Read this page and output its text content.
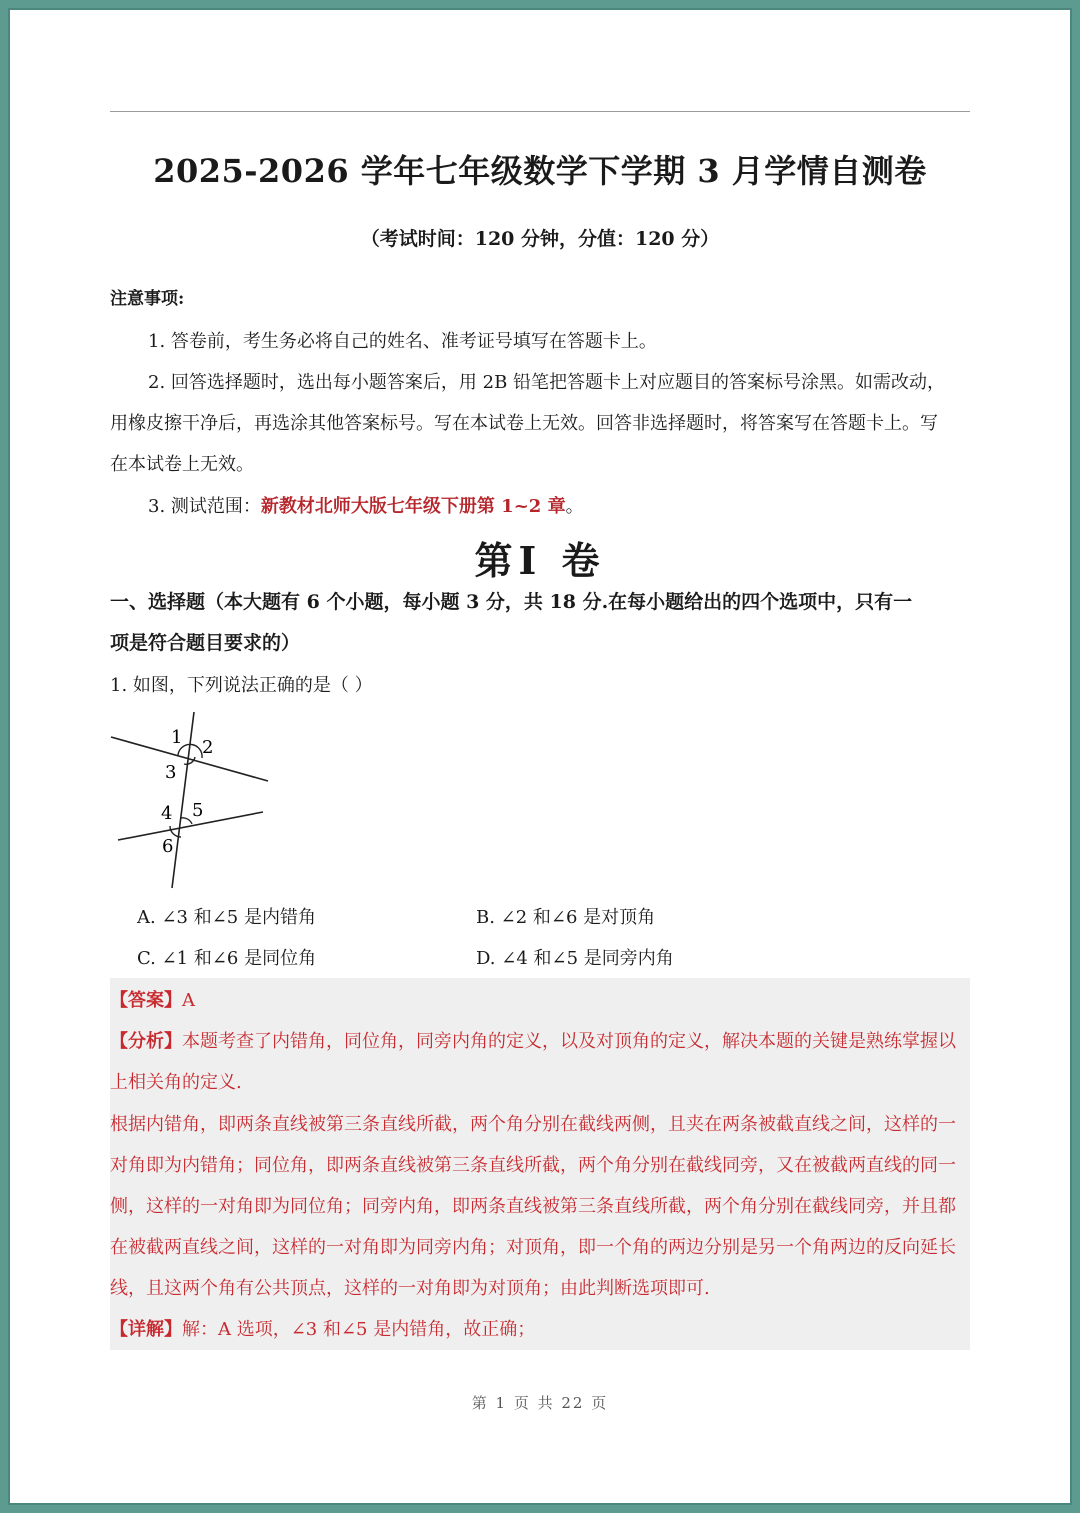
2025-2026 学年七年级数学下学期 3 月学情自测卷
（考试时间：120 分钟，分值：120 分）
注意事项:
1. 答卷前，考生务必将自己的姓名、准考证号填写在答题卡上。
2. 回答选择题时，选出每小题答案后，用 2B 铅笔把答题卡上对应题目的答案标号涂黑。如需改动，
用橡皮擦干净后，再选涂其他答案标号。写在本试卷上无效。回答非选择题时，将答案写在答题卡上。写
在本试卷上无效。
3. 测试范围：新教材北师大版七年级下册第 1~2 章。
第Ⅰ 卷
一、选择题（本大题有 6 个小题，每小题 3 分，共 18 分.在每小题给出的四个选项中，只有一
项是符合题目要求的）
1. 如图，下列说法正确的是（ ）
1 2
3
4 5
6
A. ∠3 和∠5 是内错角	B. ∠2 和∠6 是对顶角
C. ∠1 和∠6 是同位角	D. ∠4 和∠5 是同旁内角
【答案】A
【分析】本题考查了内错角，同位角，同旁内角的定义，以及对顶角的定义，解决本题的关键是熟练掌握以
上相关角的定义.
根据内错角，即两条直线被第三条直线所截，两个角分别在截线两侧，且夹在两条被截直线之间，这样的一
对角即为内错角；同位角，即两条直线被第三条直线所截，两个角分别在截线同旁，又在被截两直线的同一
侧，这样的一对角即为同位角；同旁内角，即两条直线被第三条直线所截，两个角分别在截线同旁，并且都
在被截两直线之间，这样的一对角即为同旁内角；对顶角，即一个角的两边分别是另一个角两边的反向延长
线，且这两个角有公共顶点，这样的一对角即为对顶角；由此判断选项即可.
【详解】解：A 选项，∠3 和∠5 是内错角，故正确；
第 1 页 共 22 页
